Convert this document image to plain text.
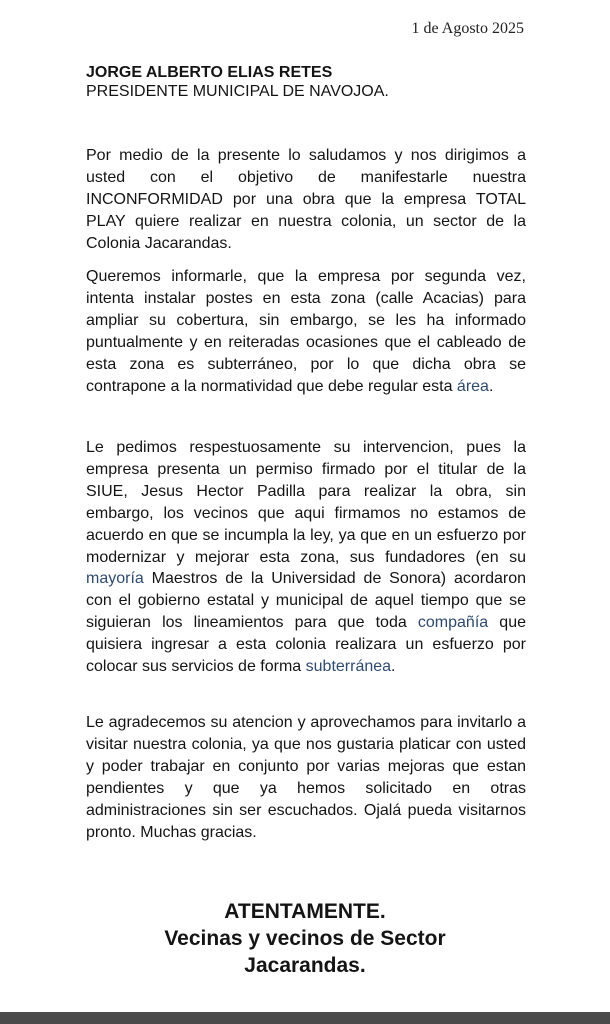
1 de Agosto 2025
JORGE ALBERTO ELIAS RETES
PRESIDENTE MUNICIPAL DE NAVOJOA.
Por medio de la presente lo saludamos y nos dirigimos a usted con el objetivo de manifestarle nuestra INCONFORMIDAD por una obra que la empresa TOTAL PLAY quiere realizar en nuestra colonia, un sector de la Colonia Jacarandas.
Queremos informarle, que la empresa por segunda vez, intenta instalar postes en esta zona (calle Acacias) para ampliar su cobertura, sin embargo, se les ha informado puntualmente y en reiteradas ocasiones que el cableado de esta zona es subterráneo, por lo que dicha obra se contrapone a la normatividad que debe regular esta área.
Le pedimos respestuosamente su intervencion, pues la empresa presenta un permiso firmado por el titular de la SIUE, Jesus Hector Padilla para realizar la obra, sin embargo, los vecinos que aqui firmamos no estamos de acuerdo en que se incumpla la ley, ya que en un esfuerzo por modernizar y mejorar esta zona, sus fundadores (en su mayoría Maestros de la Universidad de Sonora) acordaron con el gobierno estatal y municipal de aquel tiempo que se siguieran los lineamientos para que toda compañía que quisiera ingresar a esta colonia realizara un esfuerzo por colocar sus servicios de forma subterránea.
Le agradecemos su atencion y aprovechamos para invitarlo a visitar nuestra colonia, ya que nos gustaria platicar con usted y poder trabajar en conjunto por varias mejoras que estan pendientes y que ya hemos solicitado en otras administraciones sin ser escuchados. Ojalá pueda visitarnos pronto. Muchas gracias.
ATENTAMENTE.
Vecinas y vecinos de Sector
Jacarandas.
